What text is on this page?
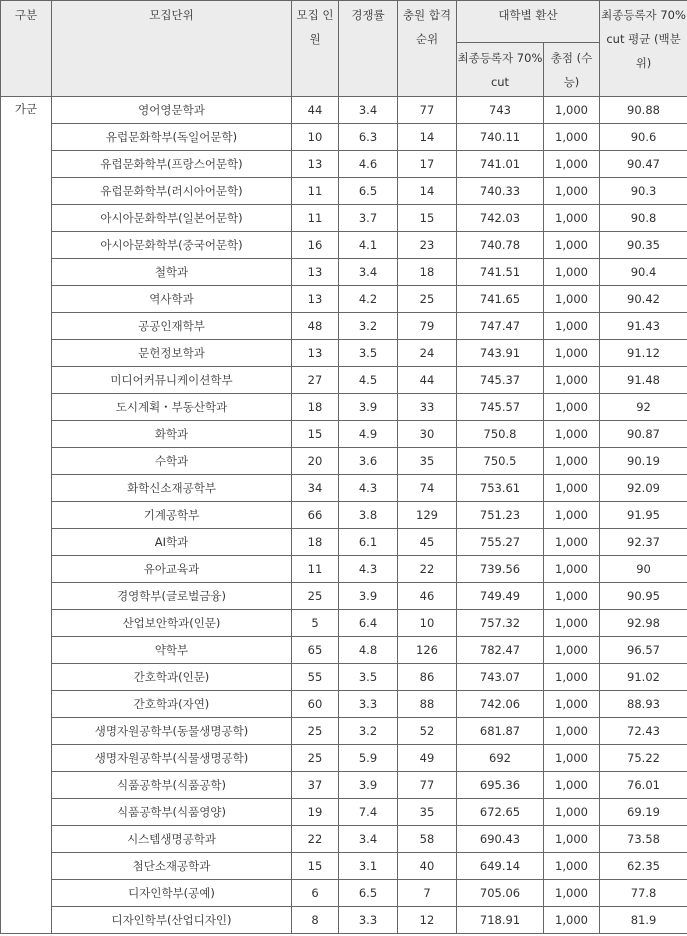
구분	모집단위	모집 인원	경쟁률	충원 합격 순위	대학별 환산		최종등록자 70% cut 평균 (백분위)
					최종등록자 70% cut	총점 (수능)	
가군	영어영문학과	44	3.4	77	743	1,000	90.88
	유럽문화학부(독일어문학)	10	6.3	14	740.11	1,000	90.6
	유럽문화학부(프랑스어문학)	13	4.6	17	741.01	1,000	90.47
	유럽문화학부(러시아어문학)	11	6.5	14	740.33	1,000	90.3
	아시아문화학부(일본어문학)	11	3.7	15	742.03	1,000	90.8
	아시아문화학부(중국어문학)	16	4.1	23	740.78	1,000	90.35
	철학과	13	3.4	18	741.51	1,000	90.4
	역사학과	13	4.2	25	741.65	1,000	90.42
	공공인재학부	48	3.2	79	747.47	1,000	91.43
	문헌정보학과	13	3.5	24	743.91	1,000	91.12
	미디어커뮤니케이션학부	27	4.5	44	745.37	1,000	91.48
	도시계획・부동산학과	18	3.9	33	745.57	1,000	92
	화학과	15	4.9	30	750.8	1,000	90.87
	수학과	20	3.6	35	750.5	1,000	90.19
	화학신소재공학부	34	4.3	74	753.61	1,000	92.09
	기계공학부	66	3.8	129	751.23	1,000	91.95
	AI학과	18	6.1	45	755.27	1,000	92.37
	유아교육과	11	4.3	22	739.56	1,000	90
	경영학부(글로벌금융)	25	3.9	46	749.49	1,000	90.95
	산업보안학과(인문)	5	6.4	10	757.32	1,000	92.98
	약학부	65	4.8	126	782.47	1,000	96.57
	간호학과(인문)	55	3.5	86	743.07	1,000	91.02
	간호학과(자연)	60	3.3	88	742.06	1,000	88.93
	생명자원공학부(동물생명공학)	25	3.2	52	681.87	1,000	72.43
	생명자원공학부(식물생명공학)	25	5.9	49	692	1,000	75.22
	식품공학부(식품공학)	37	3.9	77	695.36	1,000	76.01
	식품공학부(식품영양)	19	7.4	35	672.65	1,000	69.19
	시스템생명공학과	22	3.4	58	690.43	1,000	73.58
	첨단소재공학과	15	3.1	40	649.14	1,000	62.35
	디자인학부(공예)	6	6.5	7	705.06	1,000	77.8
	디자인학부(산업디자인)	8	3.3	12	718.91	1,000	81.9
